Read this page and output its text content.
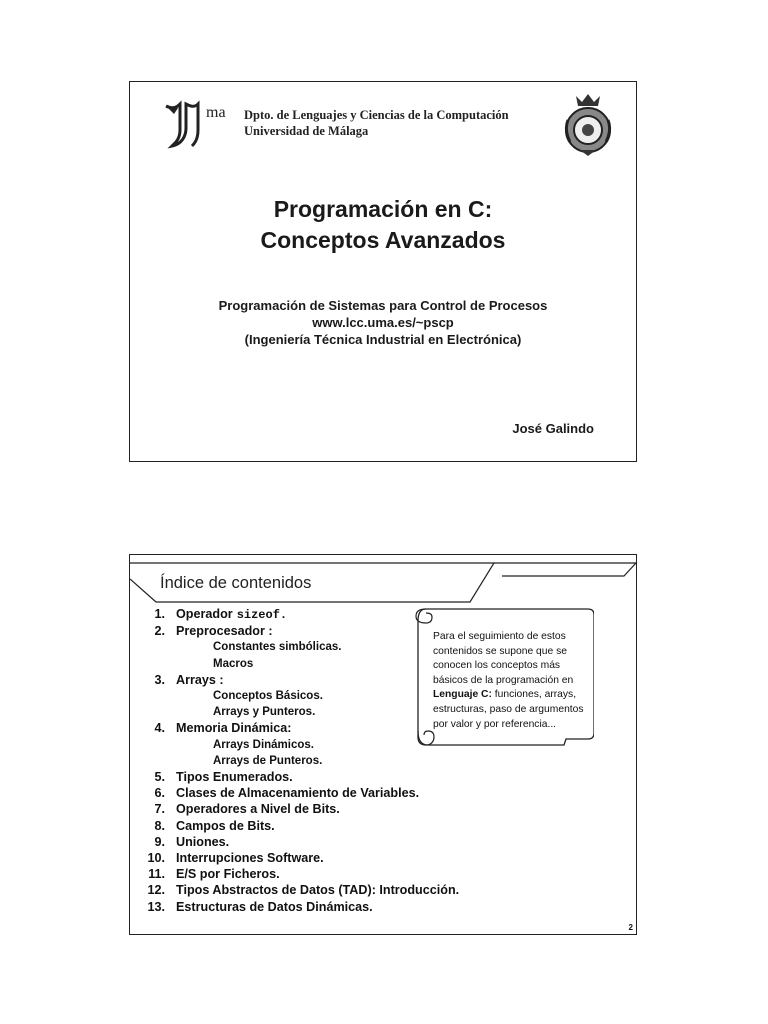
ma Dpto. de Lenguajes y Ciencias de la Computación
Universidad de Málaga
Programación en C:
Conceptos Avanzados
Programación de Sistemas para Control de Procesos
www.lcc.uma.es/~pscp
(Ingeniería Técnica Industrial en Electrónica)
José Galindo
Índice de contenidos
1. Operador sizeof.
2. Preprocesador :
Constantes simbólicas.
Macros
3. Arrays :
Conceptos Básicos.
Arrays y Punteros.
4. Memoria Dinámica:
Arrays Dinámicos.
Arrays de Punteros.
5. Tipos Enumerados.
6. Clases de Almacenamiento de Variables.
7. Operadores a Nivel de Bits.
8. Campos de Bits.
9. Uniones.
10. Interrupciones Software.
11. E/S por Ficheros.
12. Tipos Abstractos de Datos (TAD): Introducción.
13. Estructuras de Datos Dinámicas.
Para el seguimiento de estos contenidos se supone que se conocen los conceptos más básicos de la programación en Lenguaje C: funciones, arrays, estructuras, paso de argumentos por valor y por referencia...
2
